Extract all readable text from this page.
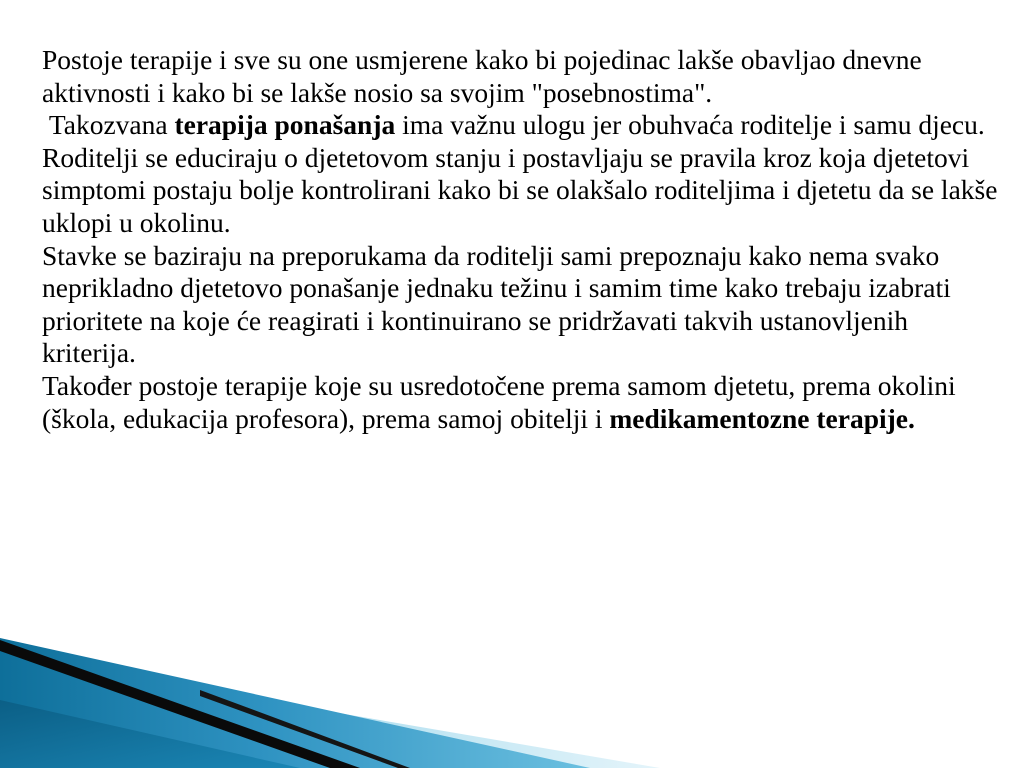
Postoje terapije i sve su one usmjerene kako bi pojedinac lakše obavljao dnevne aktivnosti i kako bi se lakše nosio sa svojim "posebnostima".

Takozvana terapija ponašanja ima važnu ulogu jer obuhvaća roditelje i samu djecu. Roditelji se educiraju o djetetovom stanju i postavljaju se pravila kroz koja djetetovi simptomi postaju bolje kontrolirani kako bi se olakšalo roditeljima i djetetu da se lakše uklopi u okolinu.

Stavke se baziraju na preporukama da roditelji sami prepoznaju kako nema svako neprikladno djetetovo ponašanje jednaku težinu i samim time kako trebaju izabrati prioritete na koje će reagirati i kontinuirano se pridržavati takvih ustanovljenih kriterija.

Također postoje terapije koje su usredotočene prema samom djetetu, prema okolini (škola, edukacija profesora), prema samoj obitelji i medikamentozne terapije.
